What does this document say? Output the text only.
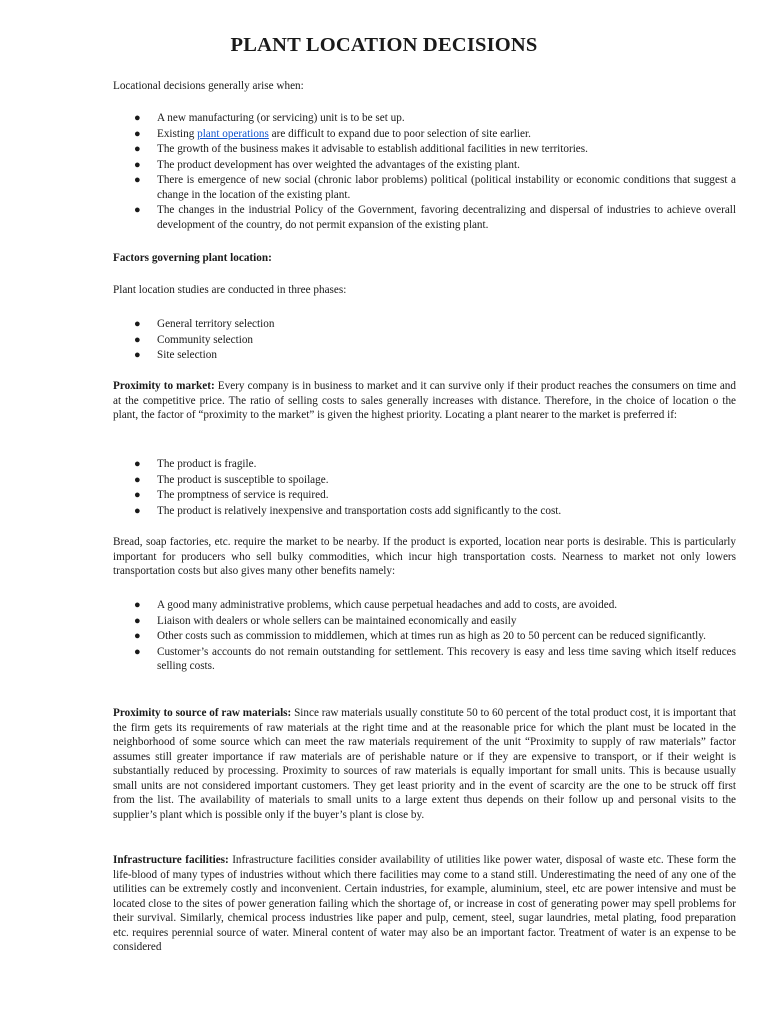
PLANT LOCATION DECISIONS

Locational decisions generally arise when:

● A new manufacturing (or servicing) unit is to be set up.
● Existing plant operations are difficult to expand due to poor selection of site earlier.
● The growth of the business makes it advisable to establish additional facilities in new territories.
● The product development has over weighted the advantages of the existing plant.
● There is emergence of new social (chronic labor problems) political (political instability or economic conditions that suggest a change in the location of the existing plant.
● The changes in the industrial Policy of the Government, favoring decentralizing and dispersal of industries to achieve overall development of the country, do not permit expansion of the existing plant.

Factors governing plant location:

Plant location studies are conducted in three phases:

● General territory selection
● Community selection
● Site selection

Proximity to market: Every company is in business to market and it can survive only if their product reaches the consumers on time and at the competitive price. The ratio of selling costs to sales generally increases with distance. Therefore, in the choice of location o the plant, the factor of “proximity to the market” is given the highest priority. Locating a plant nearer to the market is preferred if:

● The product is fragile.
● The product is susceptible to spoilage.
● The promptness of service is required.
● The product is relatively inexpensive and transportation costs add significantly to the cost.

Bread, soap factories, etc. require the market to be nearby. If the product is exported, location near ports is desirable. This is particularly important for producers who sell bulky commodities, which incur high transportation costs. Nearness to market not only lowers transportation costs but also gives many other benefits namely:

● A good many administrative problems, which cause perpetual headaches and add to costs, are avoided.
● Liaison with dealers or whole sellers can be maintained economically and easily
● Other costs such as commission to middlemen, which at times run as high as 20 to 50 percent can be reduced significantly.
● Customer’s accounts do not remain outstanding for settlement. This recovery is easy and less time saving which itself reduces selling costs.

Proximity to source of raw materials: Since raw materials usually constitute 50 to 60 percent of the total product cost, it is important that the firm gets its requirements of raw materials at the right time and at the reasonable price for which the plant must be located in the neighborhood of some source which can meet the raw materials requirement of the unit “Proximity to supply of raw materials” factor assumes still greater importance if raw materials are of perishable nature or if they are expensive to transport, or if their weight is substantially reduced by processing. Proximity to sources of raw materials is equally important for small units. This is because usually small units are not considered important customers. They get least priority and in the event of scarcity are the one to be struck off first from the list. The availability of materials to small units to a large extent thus depends on their follow up and personal visits to the supplier’s plant which is possible only if the buyer’s plant is close by.

Infrastructure facilities: Infrastructure facilities consider availability of utilities like power water, disposal of waste etc. These form the life-blood of many types of industries without which there facilities may come to a stand still. Underestimating the need of any one of the utilities can be extremely costly and inconvenient. Certain industries, for example, aluminium, steel, etc are power intensive and must be located close to the sites of power generation failing which the shortage of, or increase in cost of generating power may spell problems for their survival. Similarly, chemical process industries like paper and pulp, cement, steel, sugar laundries, metal plating, food preparation etc. requires perennial source of water. Mineral content of water may also be an important factor. Treatment of water is an expense to be considered
